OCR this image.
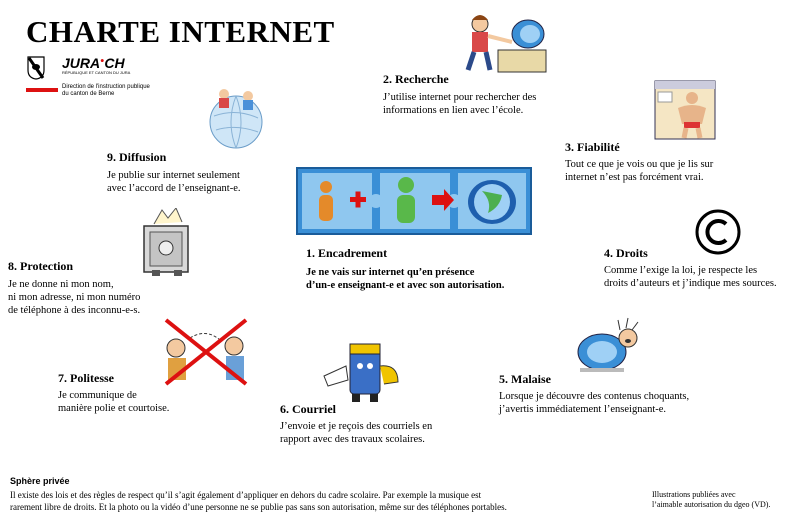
CHARTE INTERNET
JURA●CH
RÉPUBLIQUE ET CANTON DU JURA
Direction de l'instruction publique
du canton de Berne
1. Encadrement
Je ne vais sur internet qu’en présence
d’un-e enseignant-e et avec son autorisation.
2. Recherche
J’utilise internet pour rechercher des
informations en lien avec l’école.
3. Fiabilité
Tout ce que je vois ou que je lis sur
internet n’est pas forcément vrai.
4. Droits
Comme l’exige la loi, je respecte les
droits d’auteurs et j’indique mes sources.
5. Malaise
Lorsque je découvre des contenus choquants,
j’avertis immédiatement l’enseignant-e.
6. Courriel
J’envoie et je reçois des courriels en
rapport avec des travaux scolaires.
7. Politesse
Je communique de
manière polie et courtoise.
8. Protection
Je ne donne ni mon nom,
ni mon adresse, ni mon numéro
de téléphone à des inconnu-e-s.
9. Diffusion
Je publie sur internet seulement
avec l’accord de l’enseignant-e.
Sphère privée
Il existe des lois et des règles de respect qu’il s’agit également d’appliquer en dehors du cadre scolaire. Par exemple la musique est
rarement libre de droits. Et la photo ou la vidéo d’une personne ne se publie pas sans son autorisation, même sur des téléphones portables.
Illustrations publiées avec
l’aimable autorisation du dgeo (VD).
